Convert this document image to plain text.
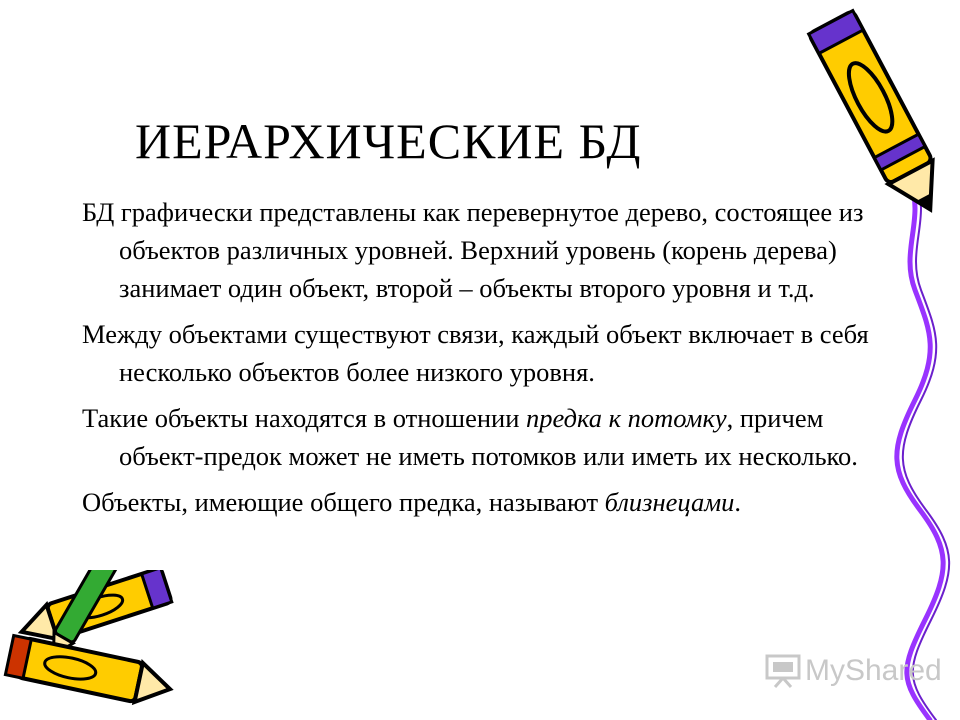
ИЕРАРХИЧЕСКИЕ БД

БД графически представлены как перевернутое дерево, состоящее из объектов различных уровней. Верхний уровень (корень дерева) занимает один объект, второй – объекты второго уровня и т.д.

Между объектами существуют связи, каждый объект включает в себя несколько объектов более низкого уровня.

Такие объекты находятся в отношении предка к потомку, причем объект-предок может не иметь потомков или иметь их несколько.

Объекты, имеющие общего предка, называют близнецами.

MyShared
